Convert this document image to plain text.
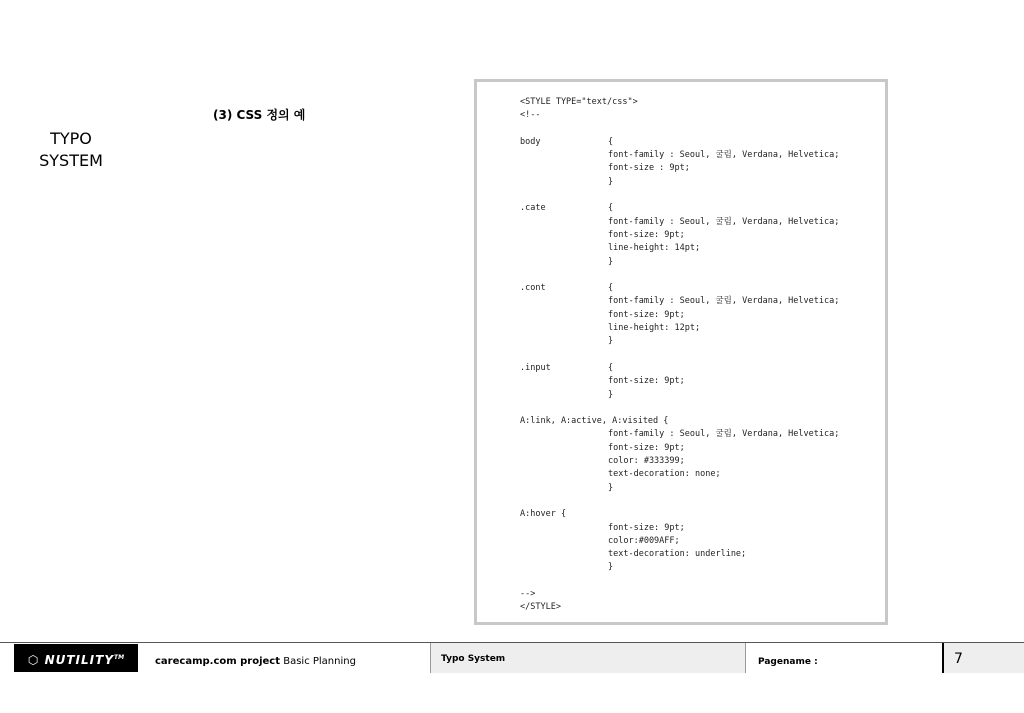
TYPO
SYSTEM
(3) CSS 정의 예
<STYLE TYPE="text/css">
<!--
body	{
font-family : Seoul, 굴림, Verdana, Helvetica;
font-size : 9pt;
}
.cate	{
font-family : Seoul, 굴림, Verdana, Helvetica;
font-size: 9pt;
line-height: 14pt;
}
.cont	{
font-family : Seoul, 굴림, Verdana, Helvetica;
font-size: 9pt;
line-height: 12pt;
}
.input	{
font-size: 9pt;
}
A:link, A:active, A:visited {
font-family : Seoul, 굴림, Verdana, Helvetica;
font-size: 9pt;
color: #333399;
text-decoration: none;
}
A:hover {
font-size: 9pt;
color:#009AFF;
text-decoration: underline;
}
-->
</STYLE>
⬡ NUTILITY™	carecamp.com project Basic Planning	Typo System	Pagename :	7
